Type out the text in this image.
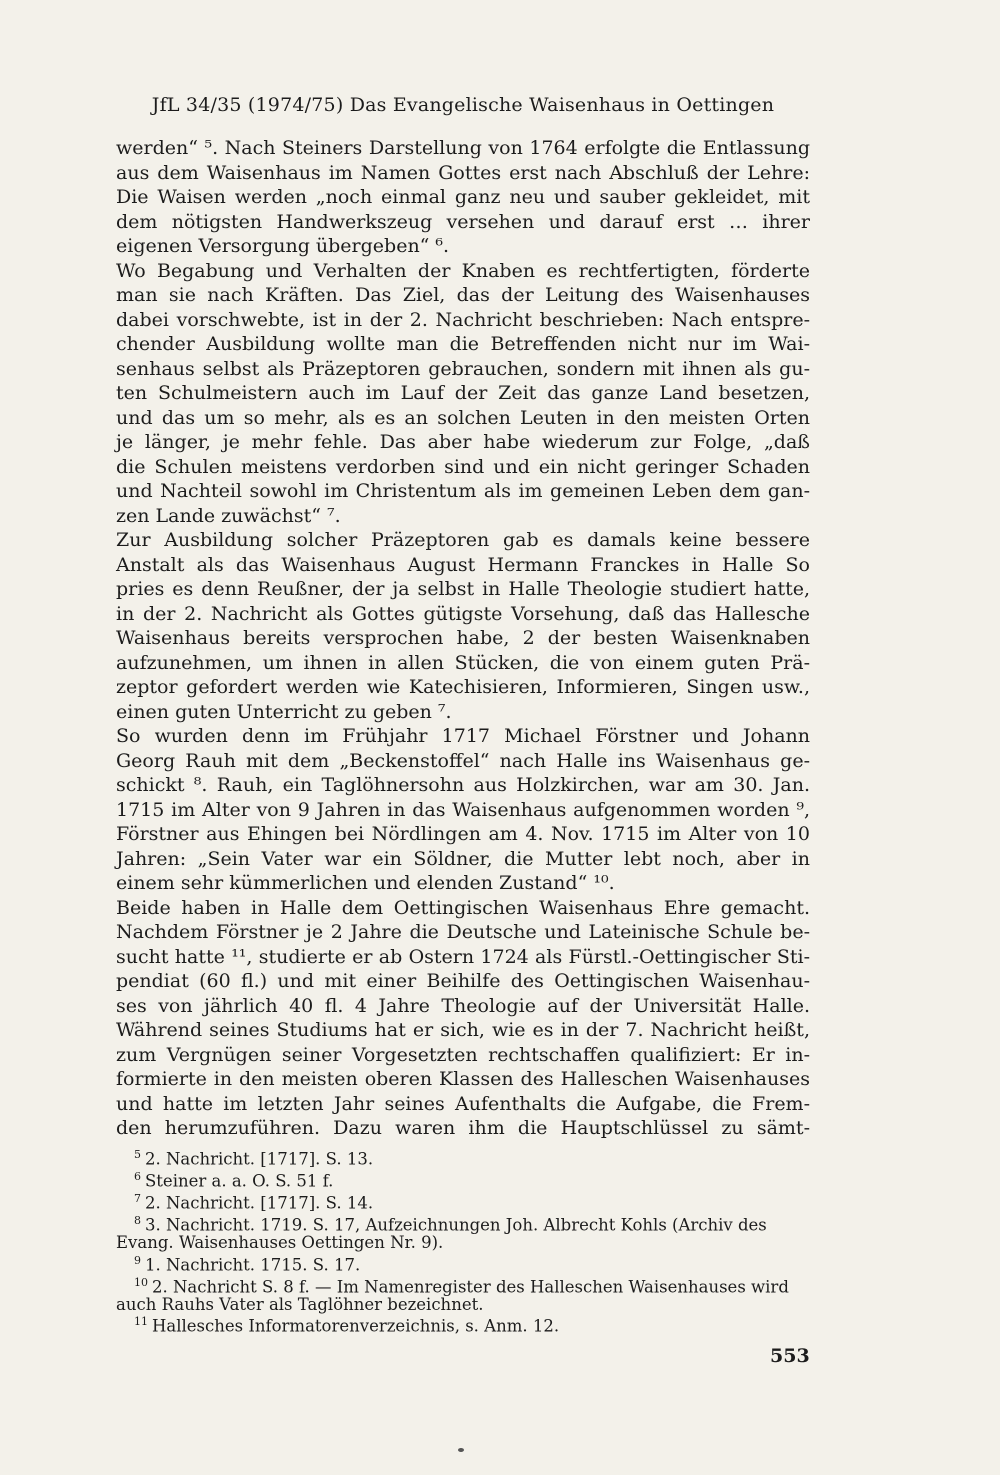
JfL 34/35 (1974/75) Das Evangelische Waisenhaus in Oettingen

werden“ ⁵. Nach Steiners Darstellung von 1764 erfolgte die Entlassung
aus dem Waisenhaus im Namen Gottes erst nach Abschluß der Lehre:
Die Waisen werden „noch einmal ganz neu und sauber gekleidet, mit
dem nötigsten Handwerkszeug versehen und darauf erst … ihrer
eigenen Versorgung übergeben“ ⁶.

Wo Begabung und Verhalten der Knaben es rechtfertigten, förderte
man sie nach Kräften. Das Ziel, das der Leitung des Waisenhauses
dabei vorschwebte, ist in der 2. Nachricht beschrieben: Nach entspre-
chender Ausbildung wollte man die Betreffenden nicht nur im Wai-
senhaus selbst als Präzeptoren gebrauchen, sondern mit ihnen als gu-
ten Schulmeistern auch im Lauf der Zeit das ganze Land besetzen,
und das um so mehr, als es an solchen Leuten in den meisten Orten
je länger, je mehr fehle. Das aber habe wiederum zur Folge, „daß
die Schulen meistens verdorben sind und ein nicht geringer Schaden
und Nachteil sowohl im Christentum als im gemeinen Leben dem gan-
zen Lande zuwächst“ ⁷.

Zur Ausbildung solcher Präzeptoren gab es damals keine bessere
Anstalt als das Waisenhaus August Hermann Franckes in Halle So
pries es denn Reußner, der ja selbst in Halle Theologie studiert hatte,
in der 2. Nachricht als Gottes gütigste Vorsehung, daß das Hallesche
Waisenhaus bereits versprochen habe, 2 der besten Waisenknaben
aufzunehmen, um ihnen in allen Stücken, die von einem guten Prä-
zeptor gefordert werden wie Katechisieren, Informieren, Singen usw.,
einen guten Unterricht zu geben ⁷.

So wurden denn im Frühjahr 1717 Michael Förstner und Johann
Georg Rauh mit dem „Beckenstoffel“ nach Halle ins Waisenhaus ge-
schickt ⁸. Rauh, ein Taglöhnersohn aus Holzkirchen, war am 30. Jan.
1715 im Alter von 9 Jahren in das Waisenhaus aufgenommen worden ⁹,
Förstner aus Ehingen bei Nördlingen am 4. Nov. 1715 im Alter von 10
Jahren: „Sein Vater war ein Söldner, die Mutter lebt noch, aber in
einem sehr kümmerlichen und elenden Zustand“ ¹⁰.

Beide haben in Halle dem Oettingischen Waisenhaus Ehre gemacht.
Nachdem Förstner je 2 Jahre die Deutsche und Lateinische Schule be-
sucht hatte ¹¹, studierte er ab Ostern 1724 als Fürstl.-Oettingischer Sti-
pendiat (60 fl.) und mit einer Beihilfe des Oettingischen Waisenhau-
ses von jährlich 40 fl. 4 Jahre Theologie auf der Universität Halle.
Während seines Studiums hat er sich, wie es in der 7. Nachricht heißt,
zum Vergnügen seiner Vorgesetzten rechtschaffen qualifiziert: Er in-
formierte in den meisten oberen Klassen des Halleschen Waisenhauses
und hatte im letzten Jahr seines Aufenthalts die Aufgabe, die Frem-
den herumzuführen. Dazu waren ihm die Hauptschlüssel zu sämt-

$^5$ 2. Nachricht. [1717]. S. 13.

$^6$ Steiner a. a. O. S. 51 f.

$^7$ 2. Nachricht. [1717]. S. 14.

$^8$ 3. Nachricht. 1719. S. 17, Aufzeichnungen Joh. Albrecht Kohls (Archiv des

Evang. Waisenhauses Oettingen Nr. 9).

$^9$ 1. Nachricht. 1715. S. 17.

$^{10}$ 2. Nachricht S. 8 f. — Im Namenregister des Halleschen Waisenhauses wird

auch Rauhs Vater als Taglöhner bezeichnet.

$^{11}$ Hallesches Informatorenverzeichnis, s. Anm. 12.

553
